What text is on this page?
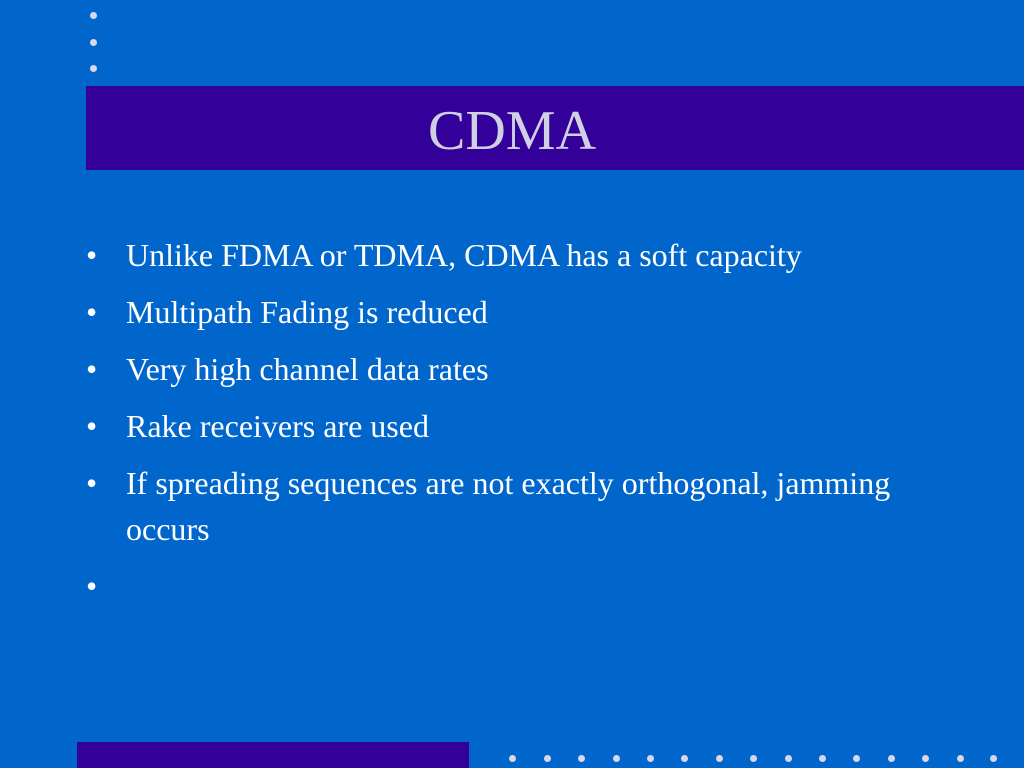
CDMA
• Unlike FDMA or TDMA, CDMA has a soft capacity
• Multipath Fading is reduced
• Very high channel data rates
• Rake receivers are used
• If spreading sequences are not exactly orthogonal, jamming occurs
•
